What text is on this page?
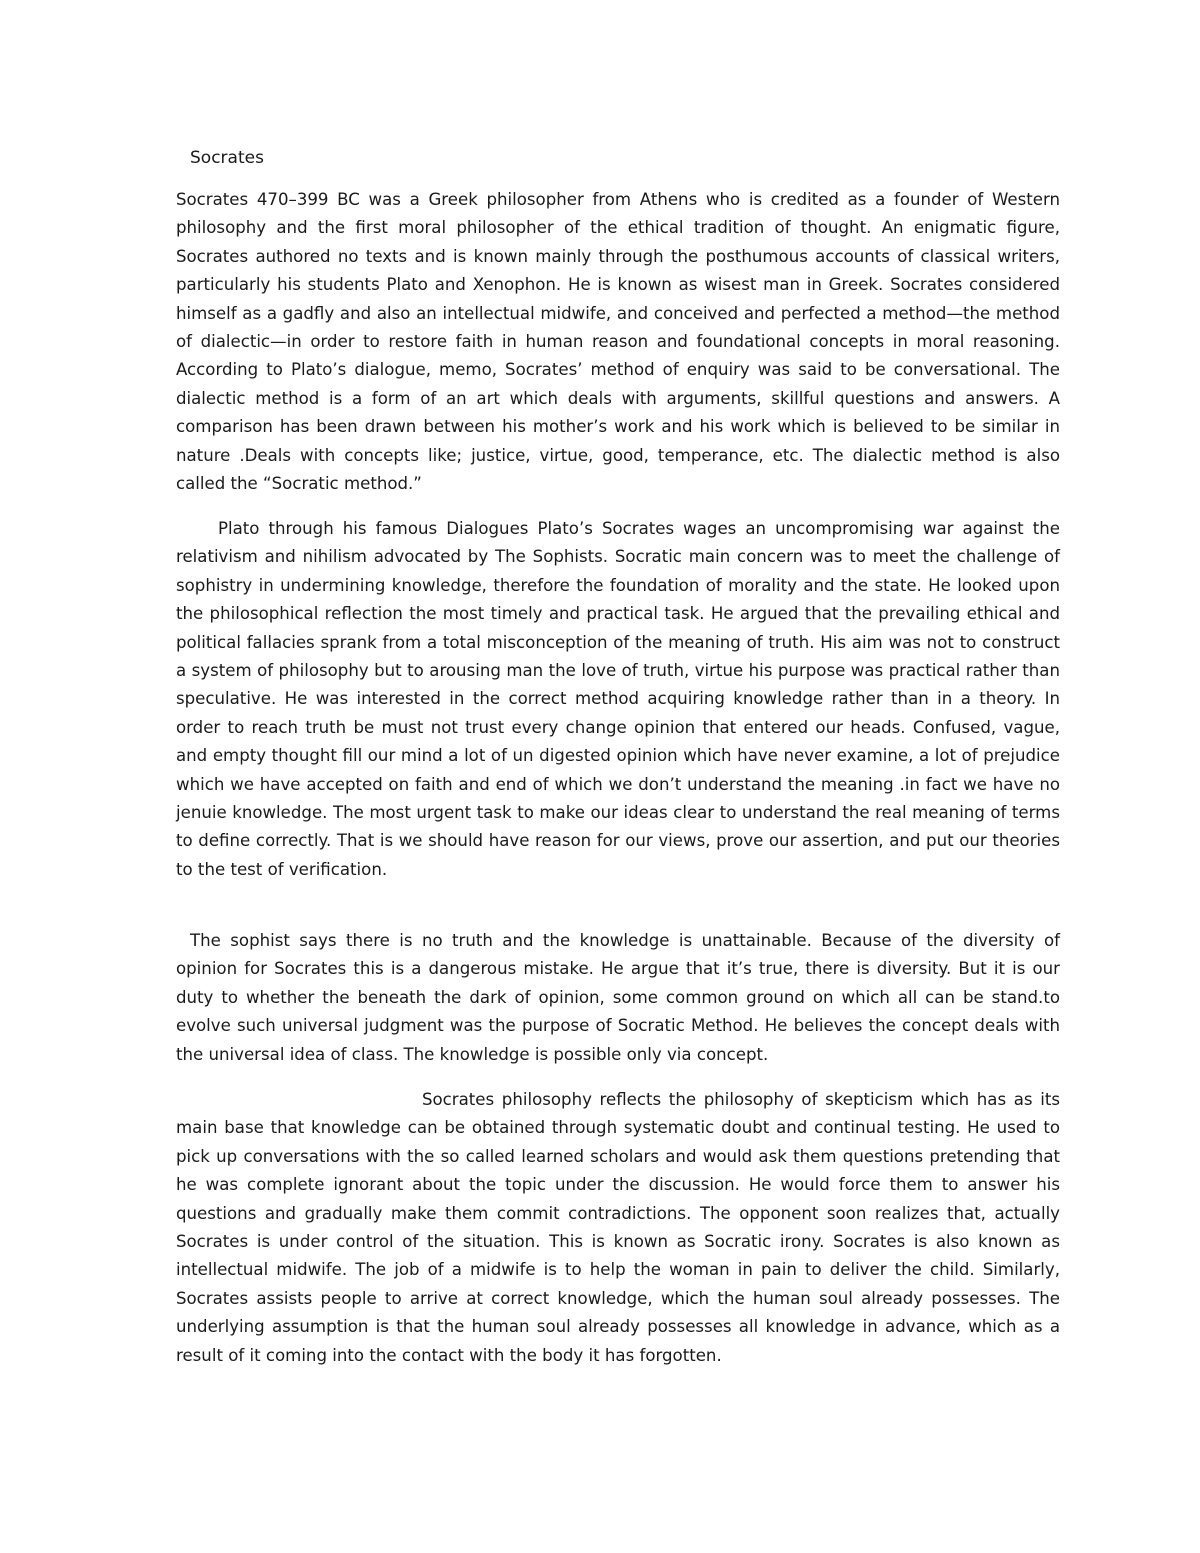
Socrates

Socrates 470–399 BC was a Greek philosopher from Athens who is credited as a founder of Western philosophy and the first moral philosopher of the ethical tradition of thought. An enigmatic figure, Socrates authored no texts and is known mainly through the posthumous accounts of classical writers, particularly his students Plato and Xenophon. He is known as wisest man in Greek. Socrates considered himself as a gadfly and also an intellectual midwife, and conceived and perfected a method—the method of dialectic—in order to restore faith in human reason and foundational concepts in moral reasoning. According to Plato’s dialogue, memo, Socrates’ method of enquiry was said to be conversational. The dialectic method is a form of an art which deals with arguments, skillful questions and answers. A comparison has been drawn between his mother’s work and his work which is believed to be similar in nature .Deals with concepts like; justice, virtue, good, temperance, etc. The dialectic method is also called the “Socratic method.”

Plato through his famous Dialogues Plato’s Socrates wages an uncompromising war against the relativism and nihilism advocated by The Sophists. Socratic main concern was to meet the challenge of sophistry in undermining knowledge, therefore the foundation of morality and the state. He looked upon the philosophical reflection the most timely and practical task. He argued that the prevailing ethical and political fallacies sprank from a total misconception of the meaning of truth. His aim was not to construct a system of philosophy but to arousing man the love of truth, virtue his purpose was practical rather than speculative. He was interested in the correct method acquiring knowledge rather than in a theory. In order to reach truth be must not trust every change opinion that entered our heads. Confused, vague, and empty thought fill our mind a lot of un digested opinion which have never examine, a lot of prejudice which we have accepted on faith and end of which we don’t understand the meaning .in fact we have no jenuie knowledge. The most urgent task to make our ideas clear to understand the real meaning of terms to define correctly. That is we should have reason for our views, prove our assertion, and put our theories to the test of verification.

The sophist says there is no truth and the knowledge is unattainable. Because of the diversity of opinion for Socrates this is a dangerous mistake. He argue that it’s true, there is diversity. But it is our duty to whether the beneath the dark of opinion, some common ground on which all can be stand.to evolve such universal judgment was the purpose of Socratic Method. He believes the concept deals with the universal idea of class. The knowledge is possible only via concept.

Socrates philosophy reflects the philosophy of skepticism which has as its main base that knowledge can be obtained through systematic doubt and continual testing. He used to pick up conversations with the so called learned scholars and would ask them questions pretending that he was complete ignorant about the topic under the discussion. He would force them to answer his questions and gradually make them commit contradictions. The opponent soon realizes that, actually Socrates is under control of the situation. This is known as Socratic irony. Socrates is also known as intellectual midwife. The job of a midwife is to help the woman in pain to deliver the child. Similarly, Socrates assists people to arrive at correct knowledge, which the human soul already possesses. The underlying assumption is that the human soul already possesses all knowledge in advance, which as a result of it coming into the contact with the body it has forgotten.
